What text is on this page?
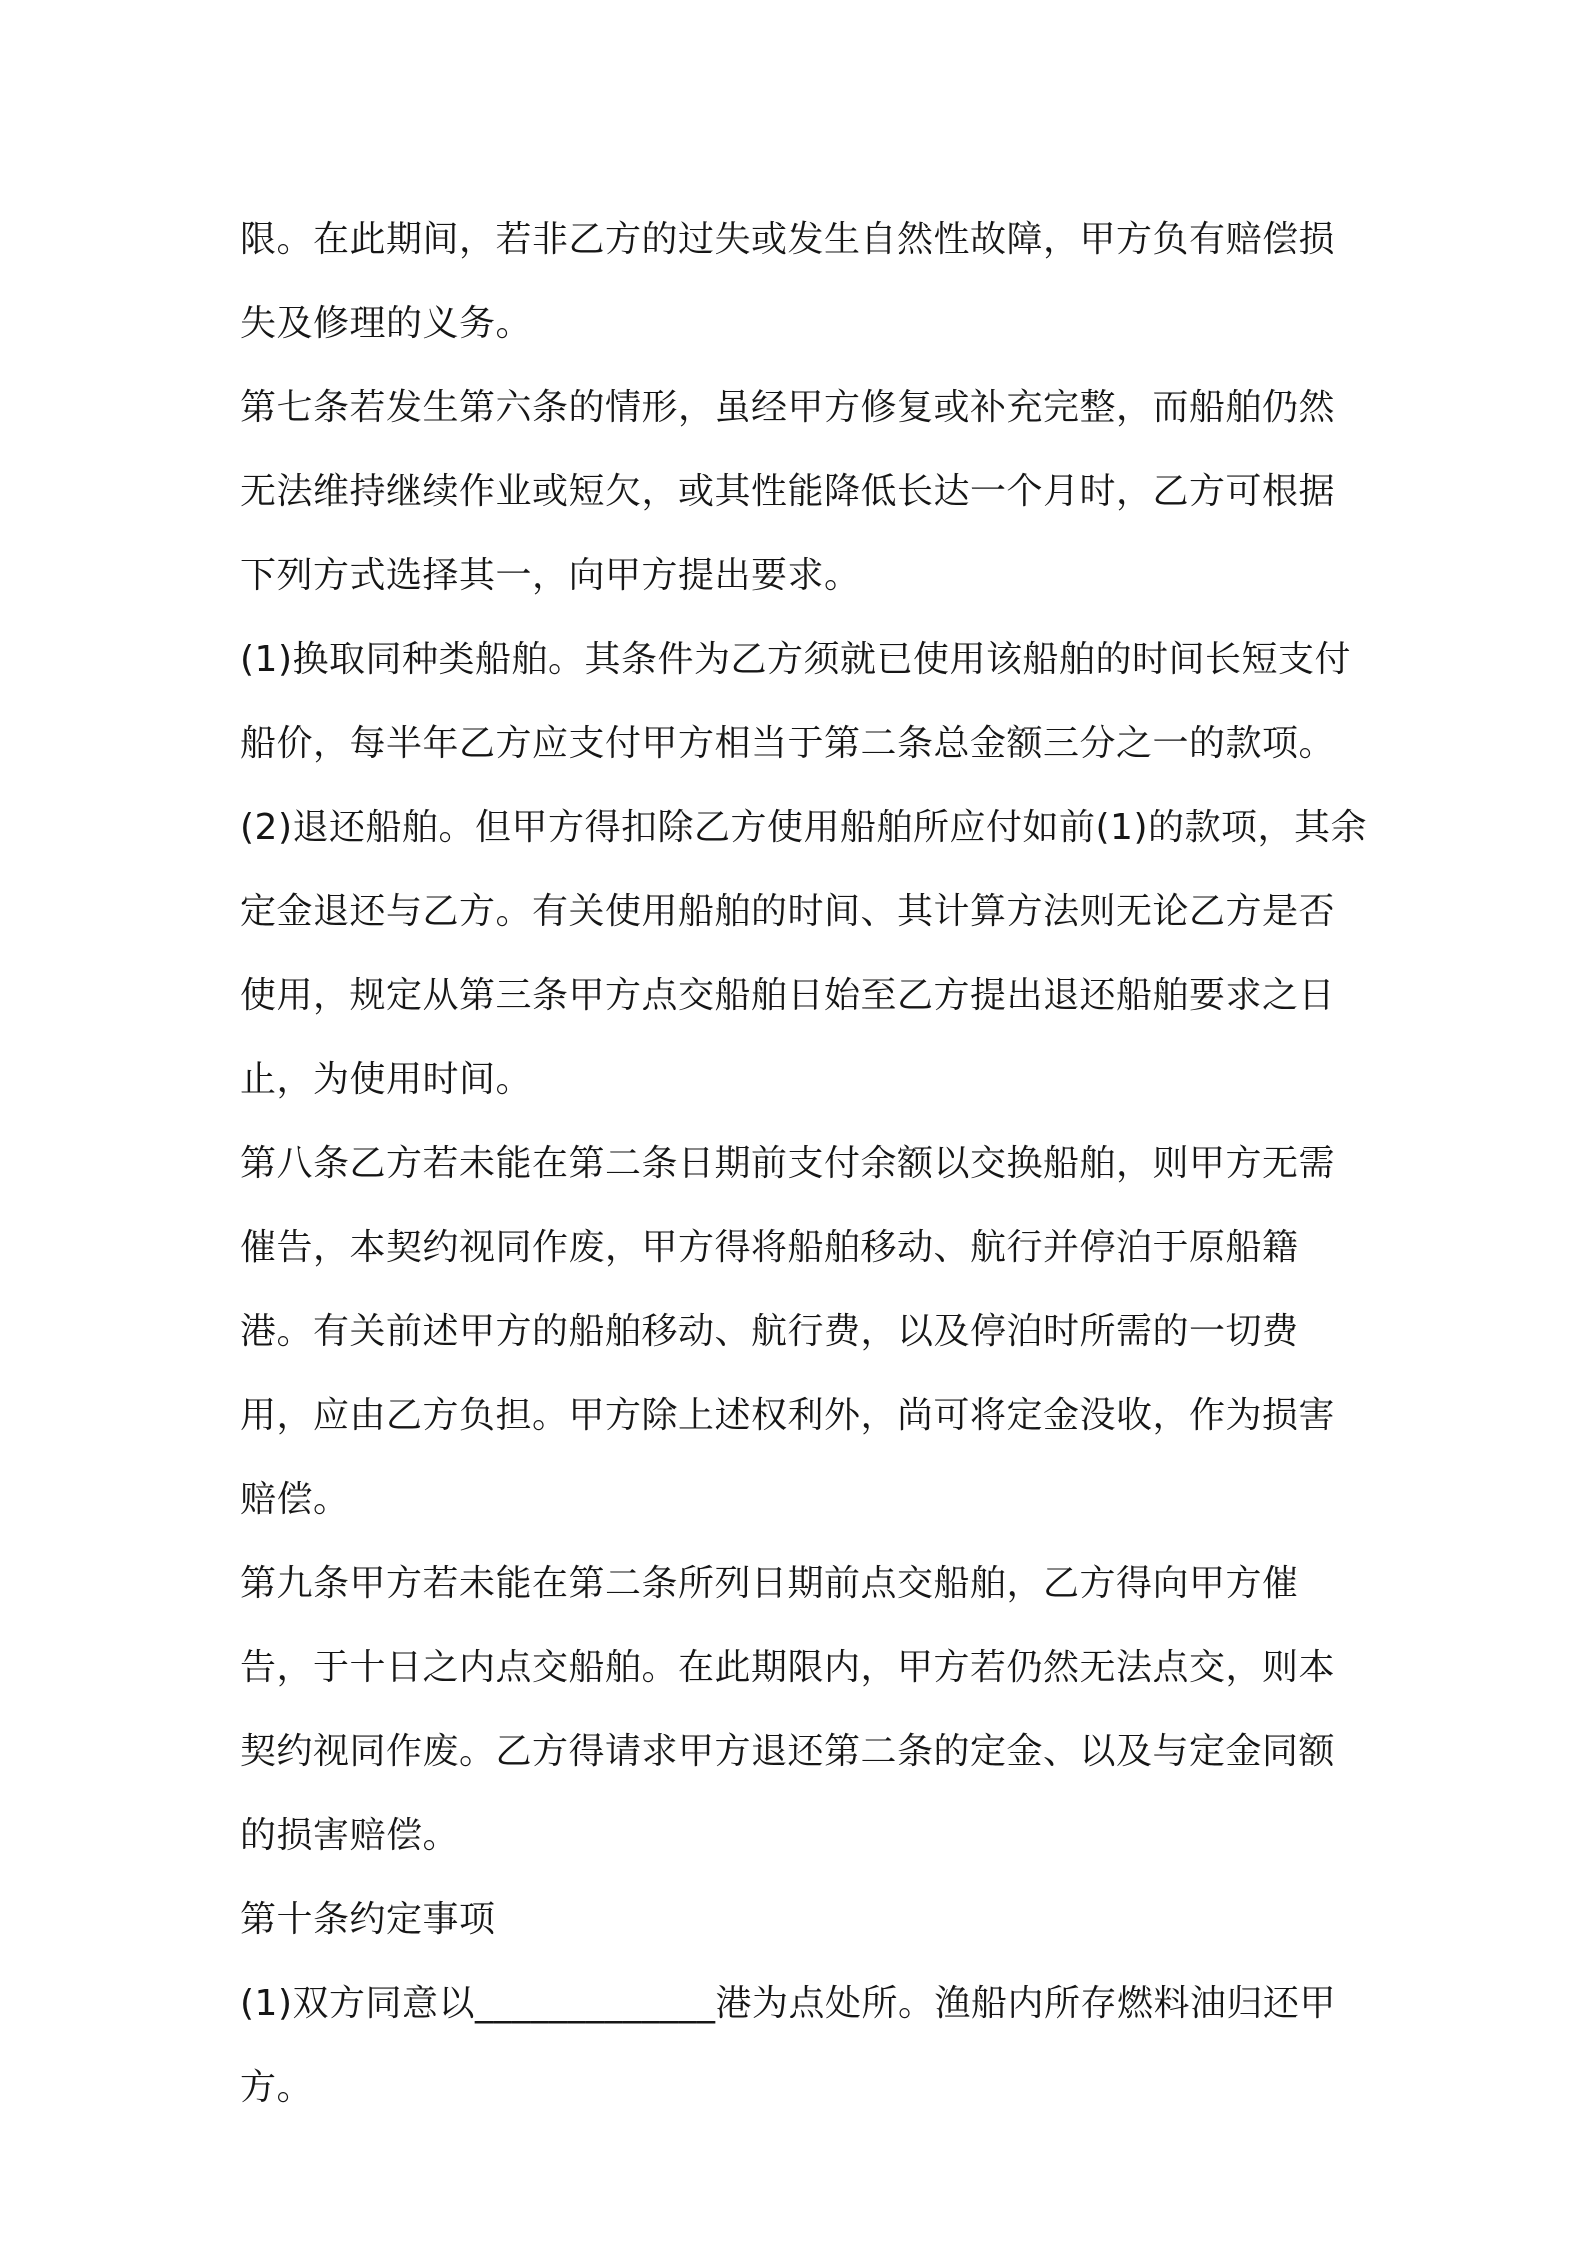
限。在此期间，若非乙方的过失或发生自然性故障，甲方负有赔偿损失及修理的义务。

第七条若发生第六条的情形，虽经甲方修复或补充完整，而船舶仍然无法维持继续作业或短欠，或其性能降低长达一个月时，乙方可根据下列方式选择其一，向甲方提出要求。

(1)换取同种类船舶。其条件为乙方须就已使用该船舶的时间长短支付船价，每半年乙方应支付甲方相当于第二条总金额三分之一的款项。

(2)退还船舶。但甲方得扣除乙方使用船舶所应付如前(1)的款项，其余定金退还与乙方。有关使用船舶的时间、其计算方法则无论乙方是否使用，规定从第三条甲方点交船舶日始至乙方提出退还船舶要求之日止，为使用时间。

第八条乙方若未能在第二条日期前支付余额以交换船舶，则甲方无需催告，本契约视同作废，甲方得将船舶移动、航行并停泊于原船籍港。有关前述甲方的船舶移动、航行费，以及停泊时所需的一切费用，应由乙方负担。甲方除上述权利外，尚可将定金没收，作为损害赔偿。

第九条甲方若未能在第二条所列日期前点交船舶，乙方得向甲方催告，于十日之内点交船舶。在此期限内，甲方若仍然无法点交，则本契约视同作废。乙方得请求甲方退还第二条的定金、以及与定金同额的损害赔偿。

第十条约定事项

(1)双方同意以_____________港为点处所。渔船内所存燃料油归还甲方。
